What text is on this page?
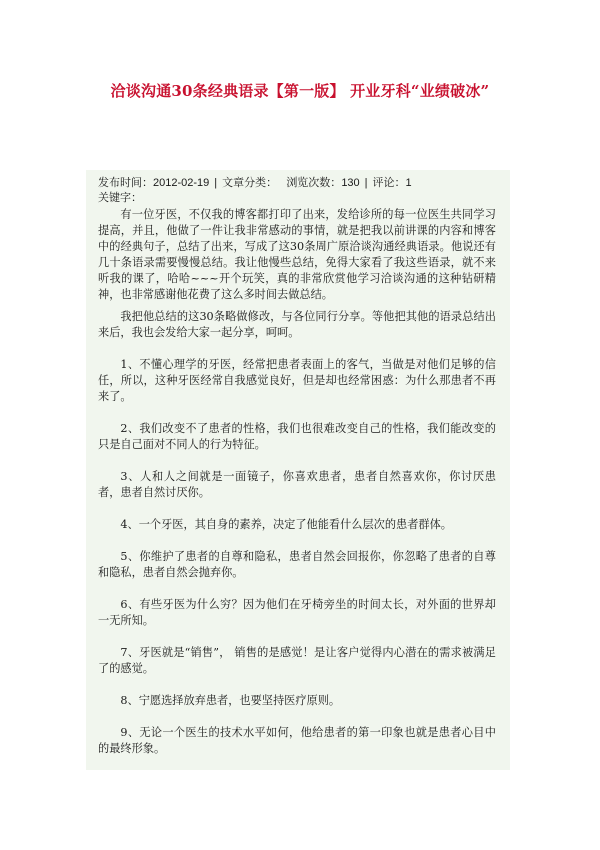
洽谈沟通30条经典语录【第一版】 开业牙科“业绩破冰”
发布时间：2012-02-19 | 文章分类： 浏览次数：130 | 评论：1
关键字：

有一位牙医，不仅我的博客都打印了出来，发给诊所的每一位医生共同学习提高，并且，他做了一件让我非常感动的事情，就是把我以前讲课的内容和博客中的经典句子，总结了出来，写成了这30条周广原洽谈沟通经典语录。他说还有几十条语录需要慢慢总结。我让他慢些总结，免得大家看了我这些语录，就不来听我的课了，哈哈~~~开个玩笑，真的非常欣赏他学习洽谈沟通的这种钻研精神，也非常感谢他花费了这么多时间去做总结。

我把他总结的这30条略做修改，与各位同行分享。等他把其他的语录总结出来后，我也会发给大家一起分享，呵呵。

1、不懂心理学的牙医，经常把患者表面上的客气，当做是对他们足够的信任，所以，这种牙医经常自我感觉良好，但是却也经常困惑：为什么那患者不再来了。

2、我们改变不了患者的性格，我们也很难改变自己的性格，我们能改变的只是自己面对不同人的行为特征。

3、人和人之间就是一面镜子，你喜欢患者，患者自然喜欢你，你讨厌患者，患者自然讨厌你。

4、一个牙医，其自身的素养，决定了他能看什么层次的患者群体。

5、你维护了患者的自尊和隐私，患者自然会回报你，你忽略了患者的自尊和隐私，患者自然会抛弃你。

6、有些牙医为什么穷？因为他们在牙椅旁坐的时间太长，对外面的世界却一无所知。

7、牙医就是“销售”， 销售的是感觉！是让客户觉得内心潜在的需求被满足了的感觉。

8、宁愿选择放弃患者，也要坚持医疗原则。

9、无论一个医生的技术水平如何，他给患者的第一印象也就是患者心目中的最终形象。
